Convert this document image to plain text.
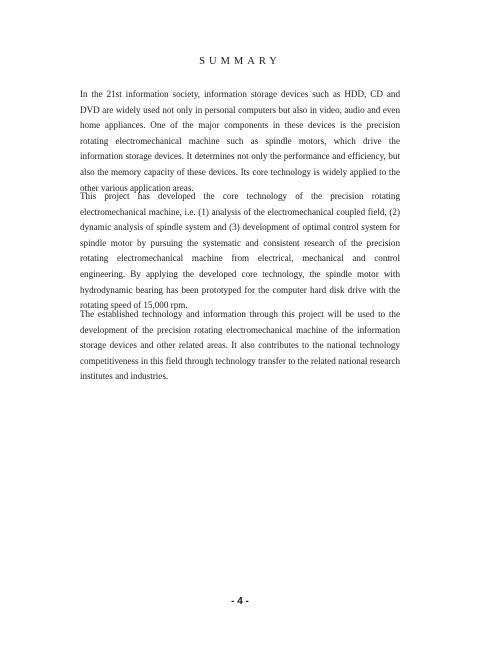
SUMMARY

In the 21st information society, information storage devices such as HDD, CD and DVD are widely used not only in personal computers but also in video, audio and even home appliances. One of the major components in these devices is the precision rotating electromechanical machine such as spindle motors, which drive the information storage devices. It determines not only the performance and efficiency, but also the memory capacity of these devices. Its core technology is widely applied to the other various application areas.

This project has developed the core technology of the precision rotating electromechanical machine, i.e. (1) analysis of the electromechanical coupled field, (2) dynamic analysis of spindle system and (3) development of optimal control system for spindle motor by pursuing the systematic and consistent research of the precision rotating electromechanical machine from electrical, mechanical and control engineering. By applying the developed core technology, the spindle motor with hydrodynamic bearing has been prototyped for the computer hard disk drive with the rotating speed of 15,000 rpm.

The established technology and information through this project will be used to the development of the precision rotating electromechanical machine of the information storage devices and other related areas. It also contributes to the national technology competitiveness in this field through technology transfer to the related national research institutes and industries.

- 4 -
